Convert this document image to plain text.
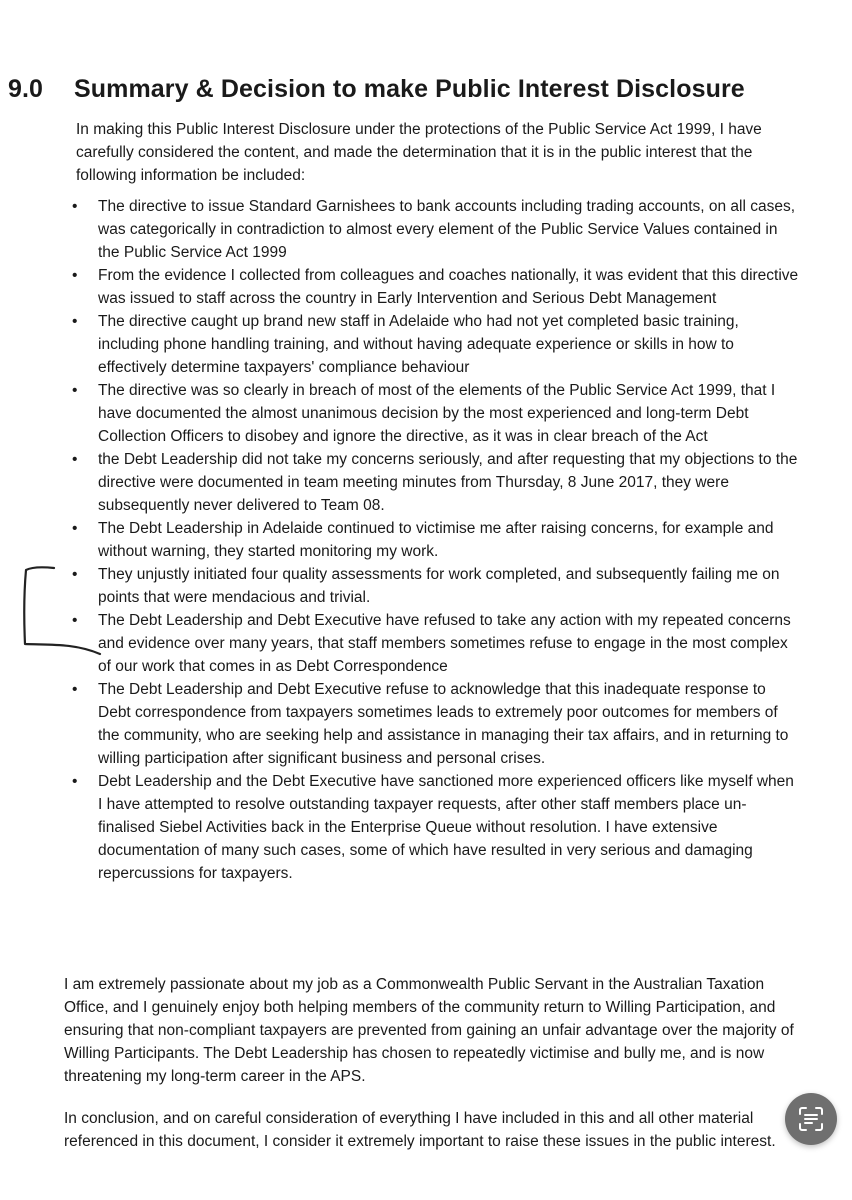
9.0 Summary & Decision to make Public Interest Disclosure

In making this Public Interest Disclosure under the protections of the Public Service Act 1999, I have carefully considered the content, and made the determination that it is in the public interest that the following information be included:

• The directive to issue Standard Garnishees to bank accounts including trading accounts, on all cases, was categorically in contradiction to almost every element of the Public Service Values contained in the Public Service Act 1999
• From the evidence I collected from colleagues and coaches nationally, it was evident that this directive was issued to staff across the country in Early Intervention and Serious Debt Management
• The directive caught up brand new staff in Adelaide who had not yet completed basic training, including phone handling training, and without having adequate experience or skills in how to effectively determine taxpayers' compliance behaviour
• The directive was so clearly in breach of most of the elements of the Public Service Act 1999, that I have documented the almost unanimous decision by the most experienced and long-term Debt Collection Officers to disobey and ignore the directive, as it was in clear breach of the Act
• the Debt Leadership did not take my concerns seriously, and after requesting that my objections to the directive were documented in team meeting minutes from Thursday, 8 June 2017, they were subsequently never delivered to Team 08.
• The Debt Leadership in Adelaide continued to victimise me after raising concerns, for example and without warning, they started monitoring my work.
• They unjustly initiated four quality assessments for work completed, and subsequently failing me on points that were mendacious and trivial.
• The Debt Leadership and Debt Executive have refused to take any action with my repeated concerns and evidence over many years, that staff members sometimes refuse to engage in the most complex of our work that comes in as Debt Correspondence
• The Debt Leadership and Debt Executive refuse to acknowledge that this inadequate response to Debt correspondence from taxpayers sometimes leads to extremely poor outcomes for members of the community, who are seeking help and assistance in managing their tax affairs, and in returning to willing participation after significant business and personal crises.
• Debt Leadership and the Debt Executive have sanctioned more experienced officers like myself when I have attempted to resolve outstanding taxpayer requests, after other staff members place un-finalised Siebel Activities back in the Enterprise Queue without resolution. I have extensive documentation of many such cases, some of which have resulted in very serious and damaging repercussions for taxpayers.

I am extremely passionate about my job as a Commonwealth Public Servant in the Australian Taxation Office, and I genuinely enjoy both helping members of the community return to Willing Participation, and ensuring that non-compliant taxpayers are prevented from gaining an unfair advantage over the majority of Willing Participants. The Debt Leadership has chosen to repeatedly victimise and bully me, and is now threatening my long-term career in the APS.

In conclusion, and on careful consideration of everything I have included in this and all other material referenced in this document, I consider it extremely important to raise these issues in the public interest.
